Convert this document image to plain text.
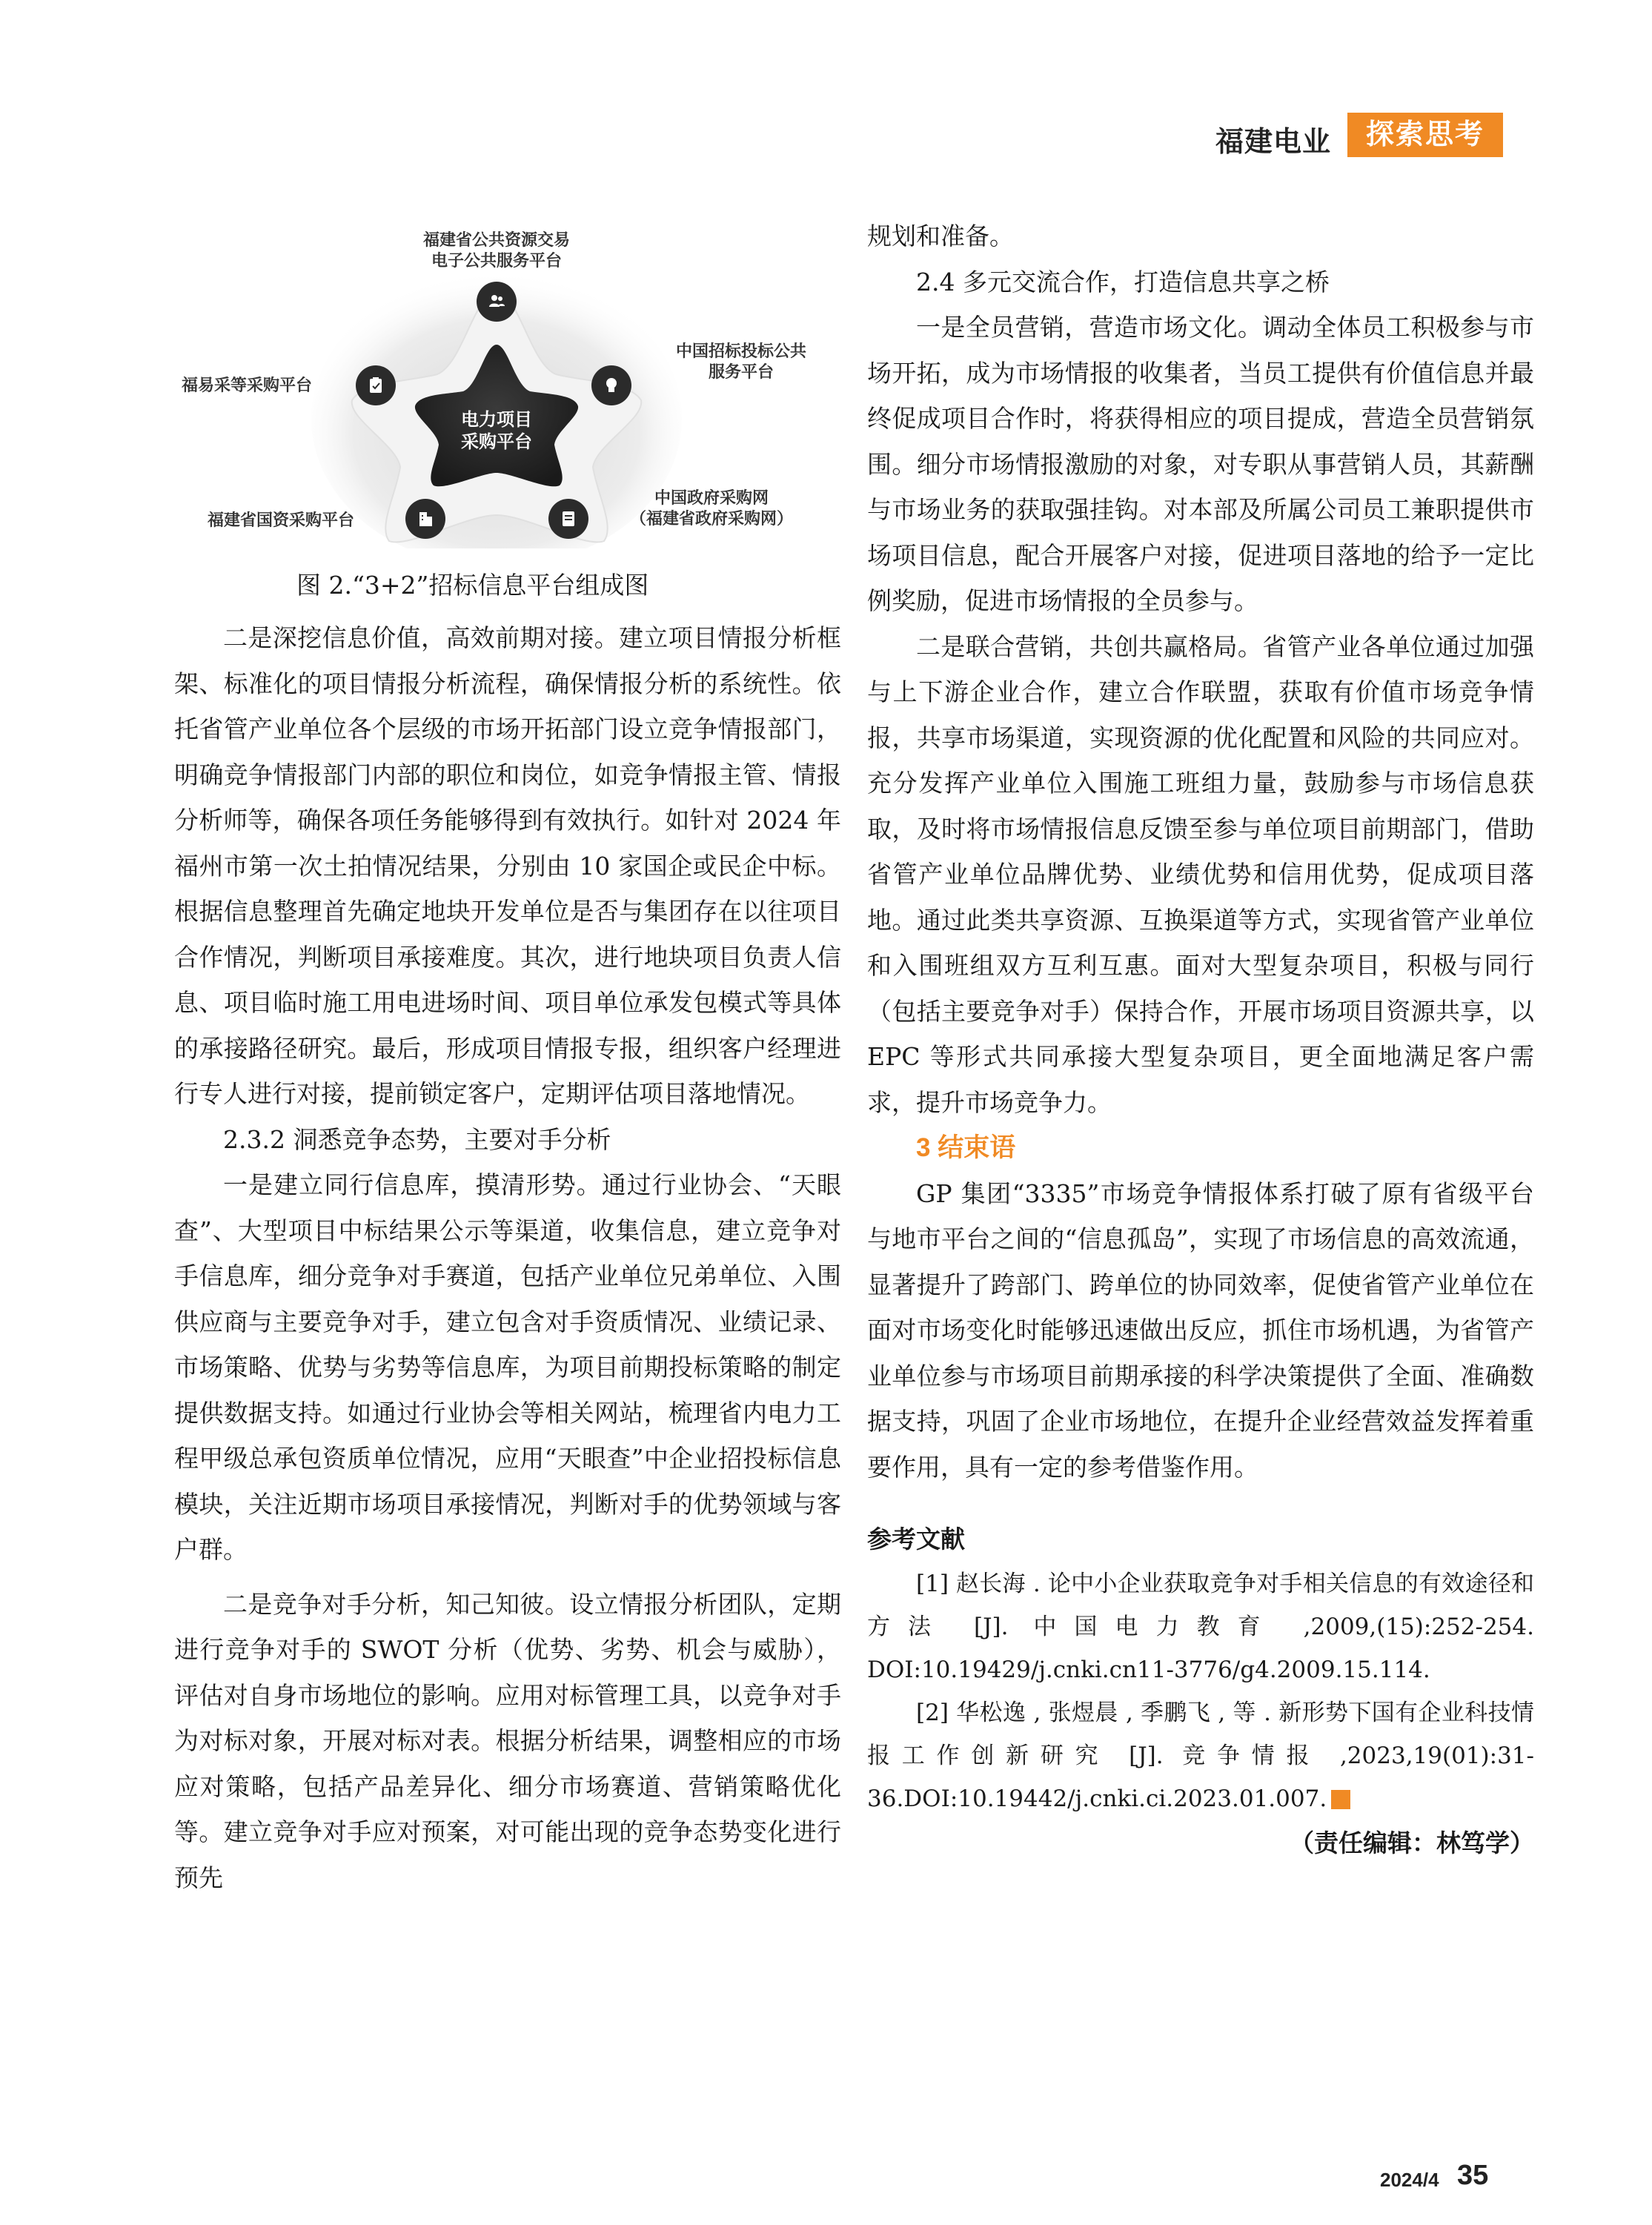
福建电业	探索思考
电力项目
采购平台
福建省公共资源交易
电子公共服务平台
中国招标投标公共
服务平台
中国政府采购网
（福建省政府采购网）
福建省国资采购平台
福易采等采购平台
图 2.“3+2”招标信息平台组成图

二是深挖信息价值，高效前期对接。建立项目情报分析框架、标准化的项目情报分析流程，确保情报分析的系统性。依托省管产业单位各个层级的市场开拓部门设立竞争情报部门，明确竞争情报部门内部的职位和岗位，如竞争情报主管、情报分析师等，确保各项任务能够得到有效执行。如针对 2024 年福州市第一次土拍情况结果，分别由 10 家国企或民企中标。根据信息整理首先确定地块开发单位是否与集团存在以往项目合作情况，判断项目承接难度。其次，进行地块项目负责人信息、项目临时施工用电进场时间、项目单位承发包模式等具体的承接路径研究。最后，形成项目情报专报，组织客户经理进行专人进行对接，提前锁定客户，定期评估项目落地情况。

2.3.2 洞悉竞争态势，主要对手分析

一是建立同行信息库，摸清形势。通过行业协会、“天眼查”、大型项目中标结果公示等渠道，收集信息，建立竞争对手信息库，细分竞争对手赛道，包括产业单位兄弟单位、入围供应商与主要竞争对手，建立包含对手资质情况、业绩记录、市场策略、优势与劣势等信息库，为项目前期投标策略的制定提供数据支持。如通过行业协会等相关网站，梳理省内电力工程甲级总承包资质单位情况，应用“天眼查”中企业招投标信息模块，关注近期市场项目承接情况，判断对手的优势领域与客户群。

二是竞争对手分析，知己知彼。设立情报分析团队，定期进行竞争对手的 SWOT 分析（优势、劣势、机会与威胁），评估对自身市场地位的影响。应用对标管理工具，以竞争对手为对标对象，开展对标对表。根据分析结果，调整相应的市场应对策略，包括产品差异化、细分市场赛道、营销策略优化等。建立竞争对手应对预案，对可能出现的竞争态势变化进行预先

规划和准备。

2.4 多元交流合作，打造信息共享之桥

一是全员营销，营造市场文化。调动全体员工积极参与市场开拓，成为市场情报的收集者，当员工提供有价值信息并最终促成项目合作时，将获得相应的项目提成，营造全员营销氛围。细分市场情报激励的对象，对专职从事营销人员，其薪酬与市场业务的获取强挂钩。对本部及所属公司员工兼职提供市场项目信息，配合开展客户对接，促进项目落地的给予一定比例奖励，促进市场情报的全员参与。

二是联合营销，共创共赢格局。省管产业各单位通过加强与上下游企业合作，建立合作联盟，获取有价值市场竞争情报，共享市场渠道，实现资源的优化配置和风险的共同应对。充分发挥产业单位入围施工班组力量，鼓励参与市场信息获取，及时将市场情报信息反馈至参与单位项目前期部门，借助省管产业单位品牌优势、业绩优势和信用优势，促成项目落地。通过此类共享资源、互换渠道等方式，实现省管产业单位和入围班组双方互利互惠。面对大型复杂项目，积极与同行（包括主要竞争对手）保持合作，开展市场项目资源共享，以 EPC 等形式共同承接大型复杂项目，更全面地满足客户需求，提升市场竞争力。

3 结束语

GP 集团“3335”市场竞争情报体系打破了原有省级平台与地市平台之间的“信息孤岛”，实现了市场信息的高效流通，显著提升了跨部门、跨单位的协同效率，促使省管产业单位在面对市场变化时能够迅速做出反应，抓住市场机遇，为省管产业单位参与市场项目前期承接的科学决策提供了全面、准确数据支持，巩固了企业市场地位，在提升企业经营效益发挥着重要作用，具有一定的参考借鉴作用。

参考文献

[1] 赵长海 . 论中小企业获取竞争对手相关信息的有效途径和方法 [J]. 中国电力教育 ,2009,(15):252-254. DOI:10.19429/j.cnki.cn11-3776/g4.2009.15.114.

[2] 华松逸 , 张煜晨 , 季鹏飞 , 等 . 新形势下国有企业科技情报工作创新研究 [J]. 竞争情报 ,2023,19(01):31-36.DOI:10.19442/j.cnki.ci.2023.01.007.

（责任编辑：林笃学）

2024/4 35
